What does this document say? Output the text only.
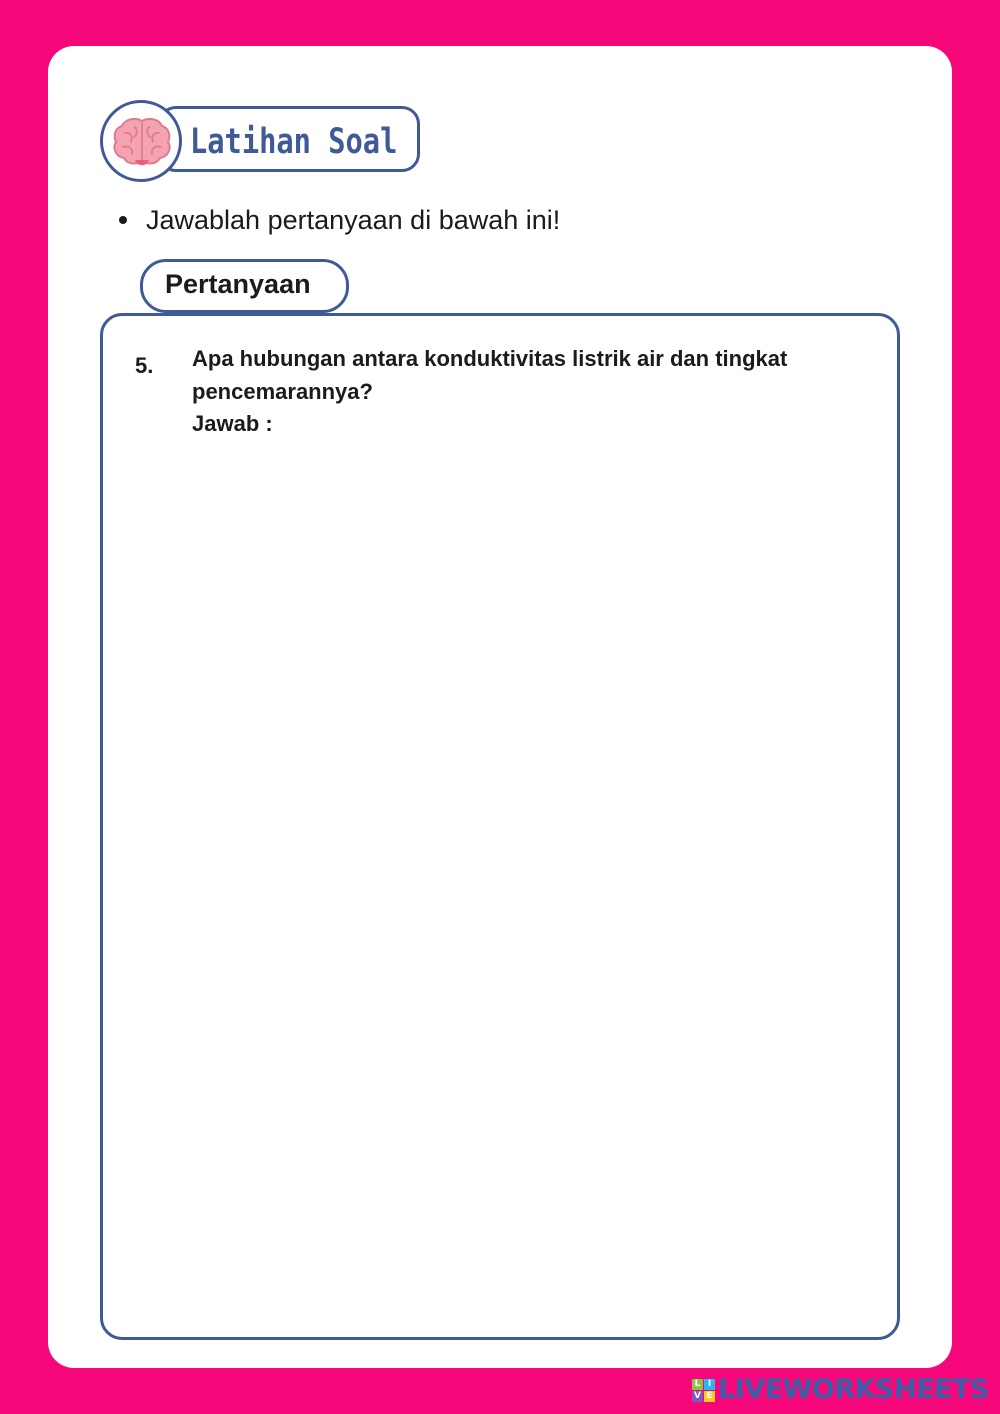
Latihan Soal
Jawablah pertanyaan di bawah ini!
Pertanyaan
5. Apa hubungan antara konduktivitas listrik air dan tingkat pencemarannya?
Jawab :
L I
V E LIVEWORKSHEETS
